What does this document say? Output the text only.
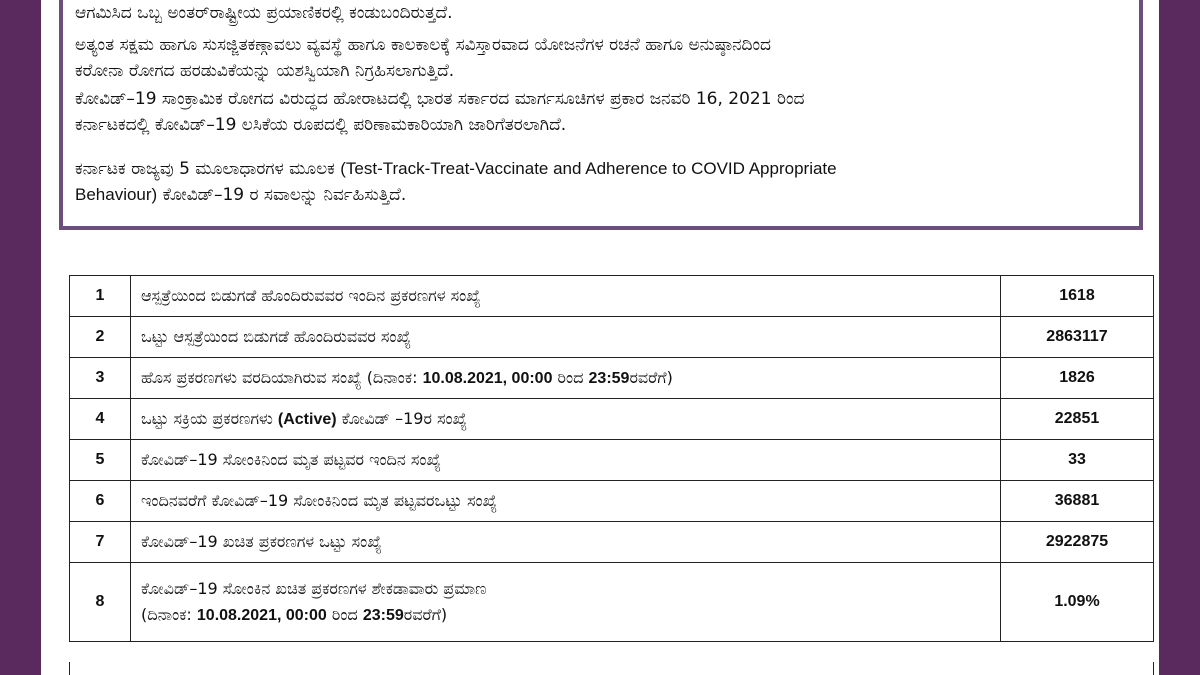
ಆಗಮಿಸಿದ ಒಬ್ಬ ಅಂತರ್‌ರಾಷ್ಟ್ರೀಯ ಪ್ರಯಾಣಿಕರಲ್ಲಿ ಕಂಡುಬಂದಿರುತ್ತದೆ.
ಅತ್ಯಂತ ಸಕ್ಷಮ ಹಾಗೂ ಸುಸಜ್ಜಿತಕಣ್ಗಾವಲು ವ್ಯವಸ್ಥೆ ಹಾಗೂ ಕಾಲಕಾಲಕ್ಕೆ ಸವಿಸ್ತಾರವಾದ ಯೋಜನೆಗಳ ರಚನೆ ಹಾಗೂ ಅನುಷ್ಠಾನದಿಂದ
ಕರೋನಾ ರೋಗದ ಹರಡುವಿಕೆಯನ್ನು ಯಶಸ್ವಿಯಾಗಿ ನಿಗ್ರಹಿಸಲಾಗುತ್ತಿದೆ.
ಕೋವಿಡ್–19 ಸಾಂಕ್ರಾಮಿಕ ರೋಗದ ವಿರುದ್ಧದ ಹೋರಾಟದಲ್ಲಿ ಭಾರತ ಸರ್ಕಾರದ ಮಾರ್ಗಸೂಚಿಗಳ ಪ್ರಕಾರ ಜನವರಿ 16, 2021 ರಿಂದ
ಕರ್ನಾಟಕದಲ್ಲಿ ಕೋವಿಡ್–19 ಲಸಿಕೆಯ ರೂಪದಲ್ಲಿ ಪರಿಣಾಮಕಾರಿಯಾಗಿ ಜಾರಿಗೆತರಲಾಗಿದೆ.
ಕರ್ನಾಟಕ ರಾಜ್ಯವು 5 ಮೂಲಾಧಾರಗಳ ಮೂಲಕ (Test-Track-Treat-Vaccinate and Adherence to COVID Appropriate
Behaviour) ಕೋವಿಡ್–19 ರ ಸವಾಲನ್ನು ನಿರ್ವಹಿಸುತ್ತಿದೆ.
1	ಆಸ್ಪತ್ರೆಯಿಂದ ಬಿಡುಗಡೆ ಹೊಂದಿರುವವರ ಇಂದಿನ ಪ್ರಕರಣಗಳ ಸಂಖ್ಯೆ	1618
2	ಒಟ್ಟು ಆಸ್ಪತ್ರೆಯಿಂದ ಬಿಡುಗಡೆ ಹೊಂದಿರುವವರ ಸಂಖ್ಯೆ	2863117
3	ಹೊಸ ಪ್ರಕರಣಗಳು ವರದಿಯಾಗಿರುವ ಸಂಖ್ಯೆ (ದಿನಾಂಕ: 10.08.2021, 00:00 ರಿಂದ 23:59ರವರೆಗೆ)	1826
4	ಒಟ್ಟು ಸಕ್ರಿಯ ಪ್ರಕರಣಗಳು (Active) ಕೋವಿಡ್ –19ರ ಸಂಖ್ಯೆ	22851
5	ಕೋವಿಡ್–19 ಸೋಂಕಿನಿಂದ ಮೃತ ಪಟ್ಟವರ ಇಂದಿನ ಸಂಖ್ಯೆ	33
6	ಇಂದಿನವರೆಗೆ ಕೋವಿಡ್–19 ಸೋಂಕಿನಿಂದ ಮೃತ ಪಟ್ಟವರಒಟ್ಟು ಸಂಖ್ಯೆ	36881
7	ಕೋವಿಡ್–19 ಖಚಿತ ಪ್ರಕರಣಗಳ ಒಟ್ಟು ಸಂಖ್ಯೆ	2922875
8	ಕೋವಿಡ್–19 ಸೋಂಕಿನ ಖಚಿತ ಪ್ರಕರಣಗಳ ಶೇಕಡಾವಾರು ಪ್ರಮಾಣ
(ದಿನಾಂಕ: 10.08.2021, 00:00 ರಿಂದ 23:59ರವರೆಗೆ)	1.09%
